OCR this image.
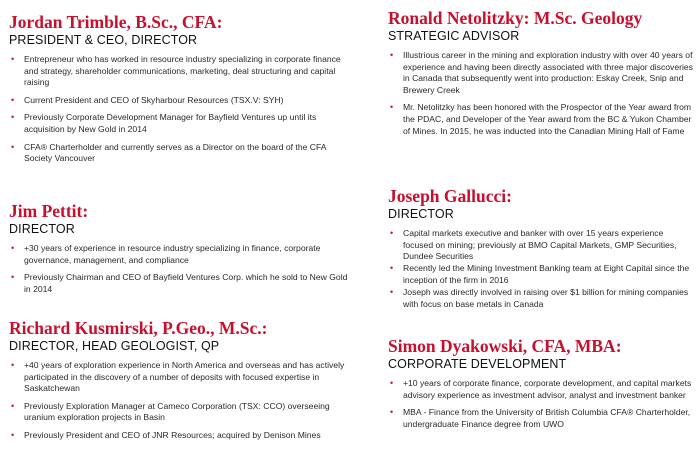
Jordan Trimble, B.Sc., CFA:
PRESIDENT & CEO, DIRECTOR
• Entrepreneur who has worked in resource industry specializing in corporate finance and strategy, shareholder communications, marketing, deal structuring and capital raising
• Current President and CEO of Skyharbour Resources (TSX.V: SYH)
• Previously Corporate Development Manager for Bayfield Ventures up until its acquisition by New Gold in 2014
• CFA® Charterholder and currently serves as a Director on the board of the CFA Society Vancouver
Jim Pettit:
DIRECTOR
• +30 years of experience in resource industry specializing in finance, corporate governance, management, and compliance
• Previously Chairman and CEO of Bayfield Ventures Corp. which he sold to New Gold in 2014
Richard Kusmirski, P.Geo., M.Sc.:
DIRECTOR, HEAD GEOLOGIST, QP
• +40 years of exploration experience in North America and overseas and has actively participated in the discovery of a number of deposits with focused expertise in Saskatchewan
• Previously Exploration Manager at Cameco Corporation (TSX: CCO) overseeing uranium exploration projects in Basin
• Previously President and CEO of JNR Resources; acquired by Denison Mines
Ronald Netolitzky: M.Sc. Geology
STRATEGIC ADVISOR
• Illustrious career in the mining and exploration industry with over 40 years of experience and having been directly associated with three major discoveries in Canada that subsequently went into production: Eskay Creek, Snip and Brewery Creek
• Mr. Netolitzky has been honored with the Prospector of the Year award from the PDAC, and Developer of the Year award from the BC & Yukon Chamber of Mines. In 2015, he was inducted into the Canadian Mining Hall of Fame
Joseph Gallucci:
DIRECTOR
• Capital markets executive and banker with over 15 years experience focused on mining; previously at BMO Capital Markets, GMP Securities, Dundee Securities
• Recently led the Mining Investment Banking team at Eight Capital since the inception of the firm in 2016
• Joseph was directly involved in raising over $1 billion for mining companies with focus on base metals in Canada
Simon Dyakowski, CFA, MBA:
CORPORATE DEVELOPMENT
• +10 years of corporate finance, corporate development, and capital markets advisory experience as investment advisor, analyst and investment banker
• MBA - Finance from the University of British Columbia CFA® Charterholder, undergraduate Finance degree from UWO
